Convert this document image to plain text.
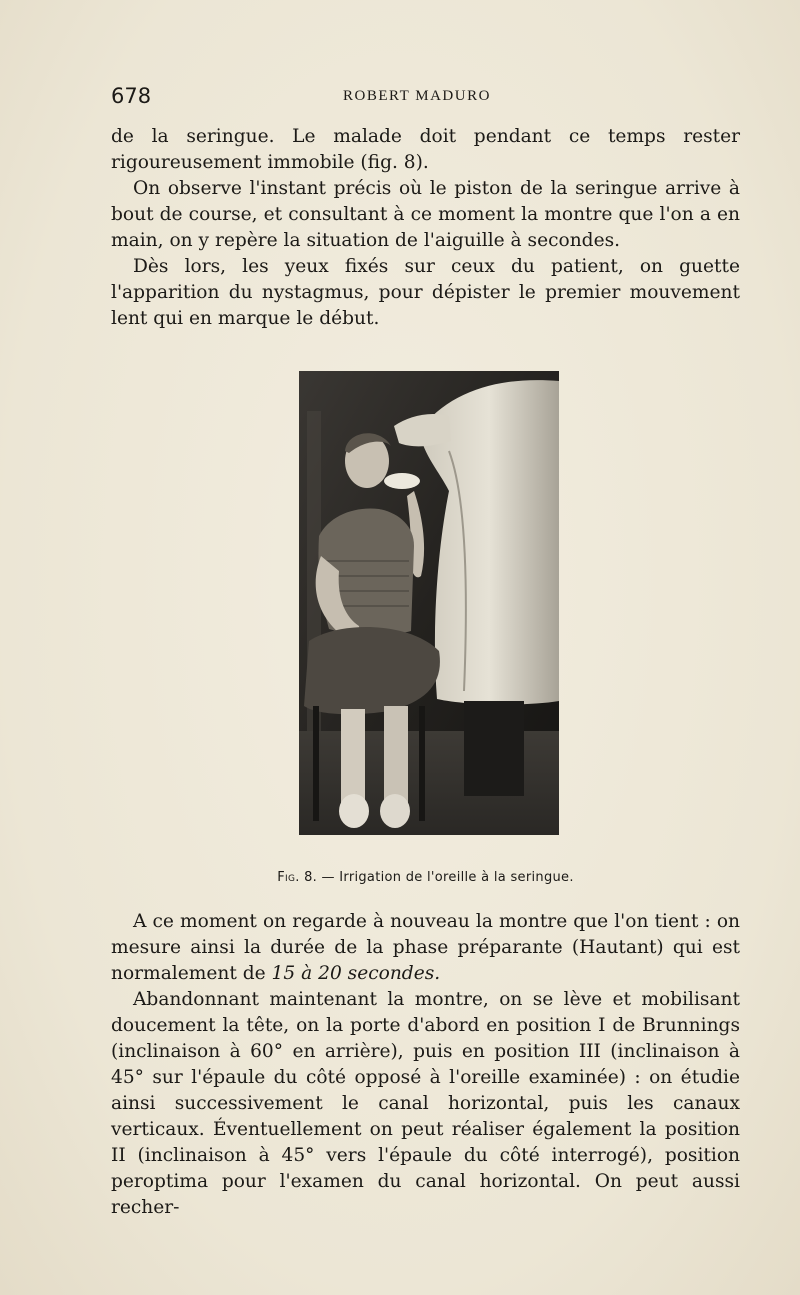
678	ROBERT MADURO

de la seringue. Le malade doit pendant ce temps rester rigoureusement immobile (fig. 8).

On observe l'instant précis où le piston de la seringue arrive à bout de course, et consultant à ce moment la montre que l'on a en main, on y repère la situation de l'aiguille à secondes.

Dès lors, les yeux fixés sur ceux du patient, on guette l'apparition du nystagmus, pour dépister le premier mouvement lent qui en marque le début.

Fig. 8. — Irrigation de l'oreille à la seringue.

A ce moment on regarde à nouveau la montre que l'on tient : on mesure ainsi la durée de la phase préparante (Hautant) qui est normalement de 15 à 20 secondes.

Abandonnant maintenant la montre, on se lève et mobilisant doucement la tête, on la porte d'abord en position I de Brunnings (inclinaison à 60° en arrière), puis en position III (inclinaison à 45° sur l'épaule du côté opposé à l'oreille examinée) : on étudie ainsi successivement le canal horizontal, puis les canaux verticaux. Éventuellement on peut réaliser également la position II (inclinaison à 45° vers l'épaule du côté interrogé), position peroptima pour l'examen du canal horizontal. On peut aussi recher-
